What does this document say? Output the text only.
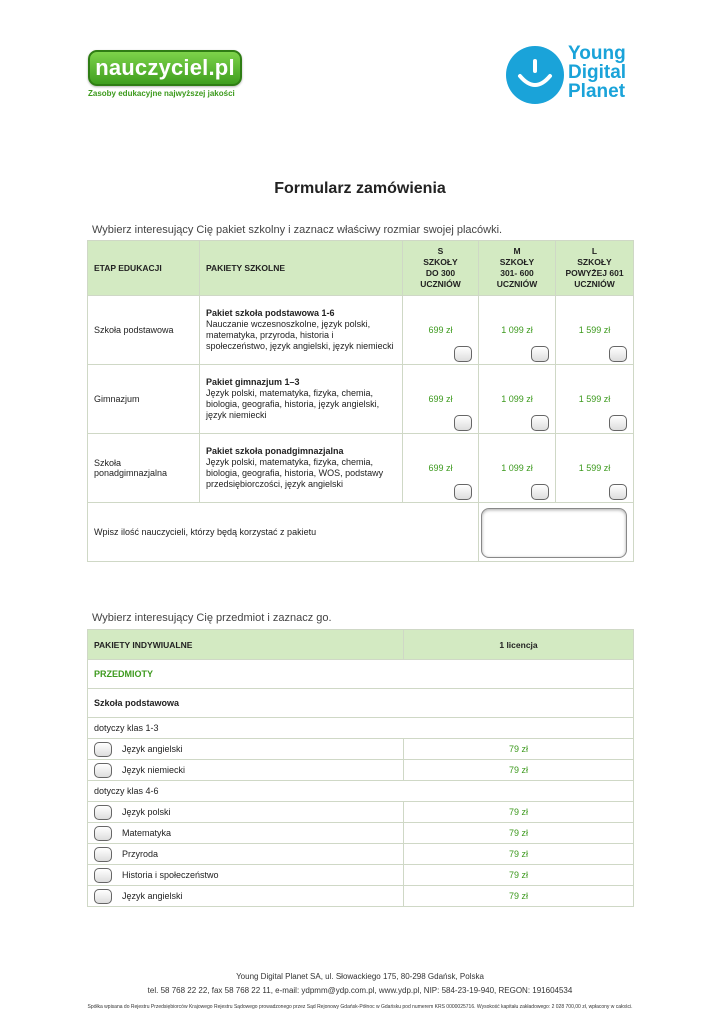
nauczyciel.pl
Zasoby edukacyjne najwyższej jakości
Young
Digital
Planet
Formularz zamówienia
Wybierz interesujący Cię pakiet szkolny i zaznacz właściwy rozmiar swojej placówki.
ETAP EDUKACJI	PAKIETY SZKOLNE	S
SZKOŁY
DO 300
UCZNIÓW	M
SZKOŁY
301- 600
UCZNIÓW	L
SZKOŁY
POWYŻEJ 601
UCZNIÓW
Szkoła podstawowa	Pakiet szkoła podstawowa 1-6
Nauczanie wczesnoszkolne, język polski, matematyka, przyroda, historia i społeczeństwo, język angielski, język niemiecki	699 zł	1 099 zł	1 599 zł

Gimnazjum	Pakiet gimnazjum 1–3
Język polski, matematyka, fizyka, chemia, biologia, geografia, historia, język angielski, język niemiecki	699 zł	1 099 zł	1 599 zł

Szkoła ponadgimnazjalna	Pakiet szkoła ponadgimnazjalna
Język polski, matematyka, fizyka, chemia, biologia, geografia, historia, WOS, podstawy przedsiębiorczości, język angielski	699 zł	1 099 zł	1 599 zł

Wpisz ilość nauczycieli, którzy będą korzystać z pakietu				
Wybierz interesujący Cię przedmiot i zaznacz go.
PAKIETY INDYWIUALNE	1 licencja
PRZEDMIOTY	
Szkoła podstawowa	
dotyczy klas 1-3	
Język angielski	79 zł
Język niemiecki	79 zł
dotyczy klas 4-6	
Język polski	79 zł
Matematyka	79 zł
Przyroda	79 zł
Historia i społeczeństwo	79 zł
Język angielski	79 zł
Young Digital Planet SA, ul. Słowackiego 175, 80-298 Gdańsk, Polska
tel. 58 768 22 22, fax 58 768 22 11, e-mail: ydpmm@ydp.com.pl, www.ydp.pl, NIP: 584-23-19-940, REGON: 191604534
Spółka wpisana do Rejestru Przedsiębiorców Krajowego Rejestru Sądowego prowadzonego przez Sąd Rejonowy Gdańsk-Północ w Gdańsku pod numerem KRS 0000025716. Wysokość kapitału zakładowego: 2 028 700,00 zł, wpłacony w całości.
